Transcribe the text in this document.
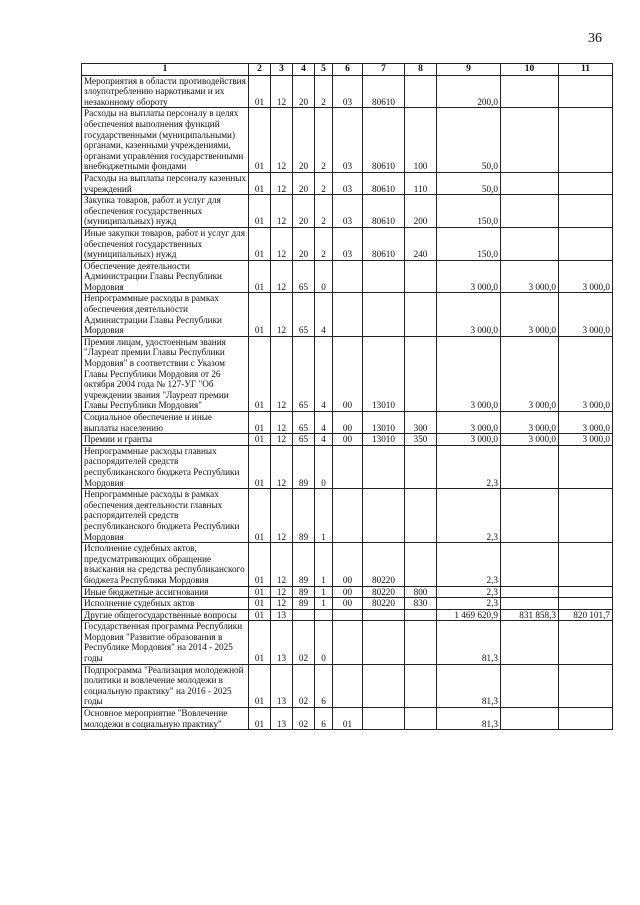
36
1	2	3	4	5	6	7	8	9	10	11
Мероприятия в области противодействия злоупотреблению наркотиками и их незаконному обороту	01	12	20	2	03	80610		200,0		
Расходы на выплаты персоналу в целях обеспечения выполнения функций государственными (муниципальными) органами, казенными учреждениями, органами управления государственными внебюджетными фондами	01	12	20	2	03	80610	100	50,0		
Расходы на выплаты персоналу казенных учреждений	01	12	20	2	03	80610	110	50,0		
Закупка товаров, работ и услуг для обеспечения государственных (муниципальных) нужд	01	12	20	2	03	80610	200	150,0		
Иные закупки товаров, работ и услуг для обеспечения государственных (муниципальных) нужд	01	12	20	2	03	80610	240	150,0		
Обеспечение деятельности Администрации Главы Республики Мордовия	01	12	65	0				3 000,0	3 000,0	3 000,0
Непрограммные расходы в рамках обеспечения деятельности Администрации Главы Республики Мордовия	01	12	65	4				3 000,0	3 000,0	3 000,0
Премия лицам, удостоенным звания "Лауреат премии Главы Республики Мордовия" в соответствии с Указом Главы Республики Мордовия от 26 октября 2004 года № 127-УГ "Об учреждении звания "Лауреат премии Главы Республики Мордовия"	01	12	65	4	00	13010		3 000,0	3 000,0	3 000,0
Социальное обеспечение и иные выплаты населению	01	12	65	4	00	13010	300	3 000,0	3 000,0	3 000,0
Премии и гранты	01	12	65	4	00	13010	350	3 000,0	3 000,0	3 000,0
Непрограммные расходы главных распорядителей средств республиканского бюджета Республики Мордовия	01	12	89	0				2,3		
Непрограммные расходы в рамках обеспечения деятельности главных распорядителей средств республиканского бюджета Республики Мордовия	01	12	89	1				2,3		
Исполнение судебных актов, предусматривающих обращение взыскания на средства республиканского бюджета Республики Мордовия	01	12	89	1	00	80220		2,3		
Иные бюджетные ассигнования	01	12	89	1	00	80220	800	2,3		
Исполнение судебных актов	01	12	89	1	00	80220	830	2,3		
Другие общегосударственные вопросы	01	13						1 469 620,9	831 858,3	820 101,7
Государственная программа Республики Мордовия "Развитие образования в Республике Мордовия" на 2014 - 2025 годы	01	13	02	0				81,3		
Подпрограмма "Реализация молодежной политики и вовлечение молодежи в социальную практику" на 2016 - 2025 годы	01	13	02	6				81,3		
Основное мероприятие "Вовлечение молодежи в социальную практику"	01	13	02	6	01			81,3		
